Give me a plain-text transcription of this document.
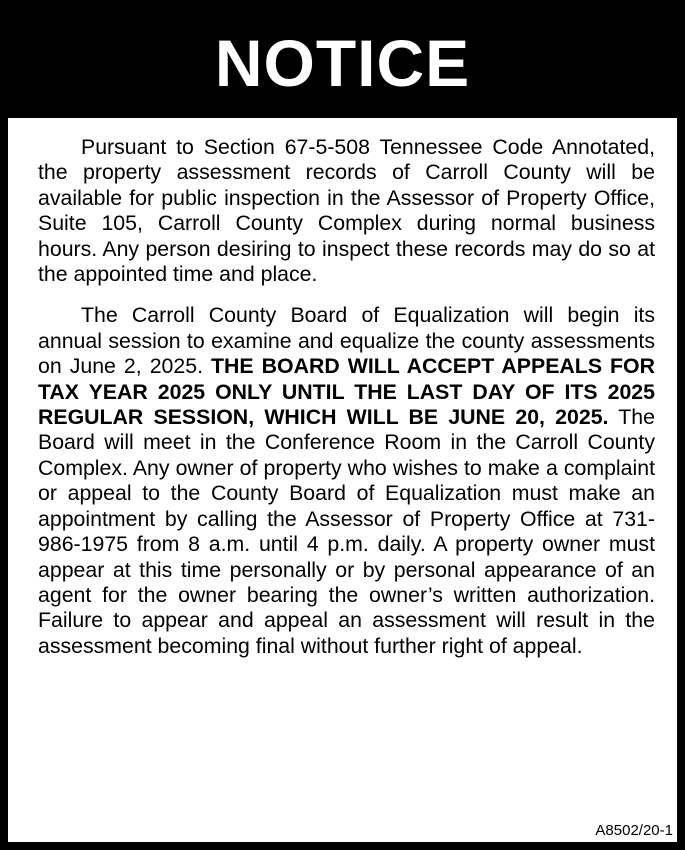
NOTICE

Pursuant to Section 67-5-508 Tennessee Code Annotated, the property assessment records of Carroll County will be available for public inspection in the Assessor of Property Office, Suite 105, Carroll County Complex during normal business hours. Any person desiring to inspect these records may do so at the appointed time and place.

The Carroll County Board of Equalization will begin its annual session to examine and equalize the county assessments on June 2, 2025. THE BOARD WILL ACCEPT APPEALS FOR TAX YEAR 2025 ONLY UNTIL THE LAST DAY OF ITS 2025 REGULAR SESSION, WHICH WILL BE JUNE 20, 2025. The Board will meet in the Conference Room in the Carroll County Complex. Any owner of property who wishes to make a complaint or appeal to the County Board of Equalization must make an appointment by calling the Assessor of Property Office at 731-986-1975 from 8 a.m. until 4 p.m. daily. A property owner must appear at this time personally or by personal appearance of an agent for the owner bearing the owner’s written authorization. Failure to appear and appeal an assessment will result in the assessment becoming final without further right of appeal.

A8502/20-1
